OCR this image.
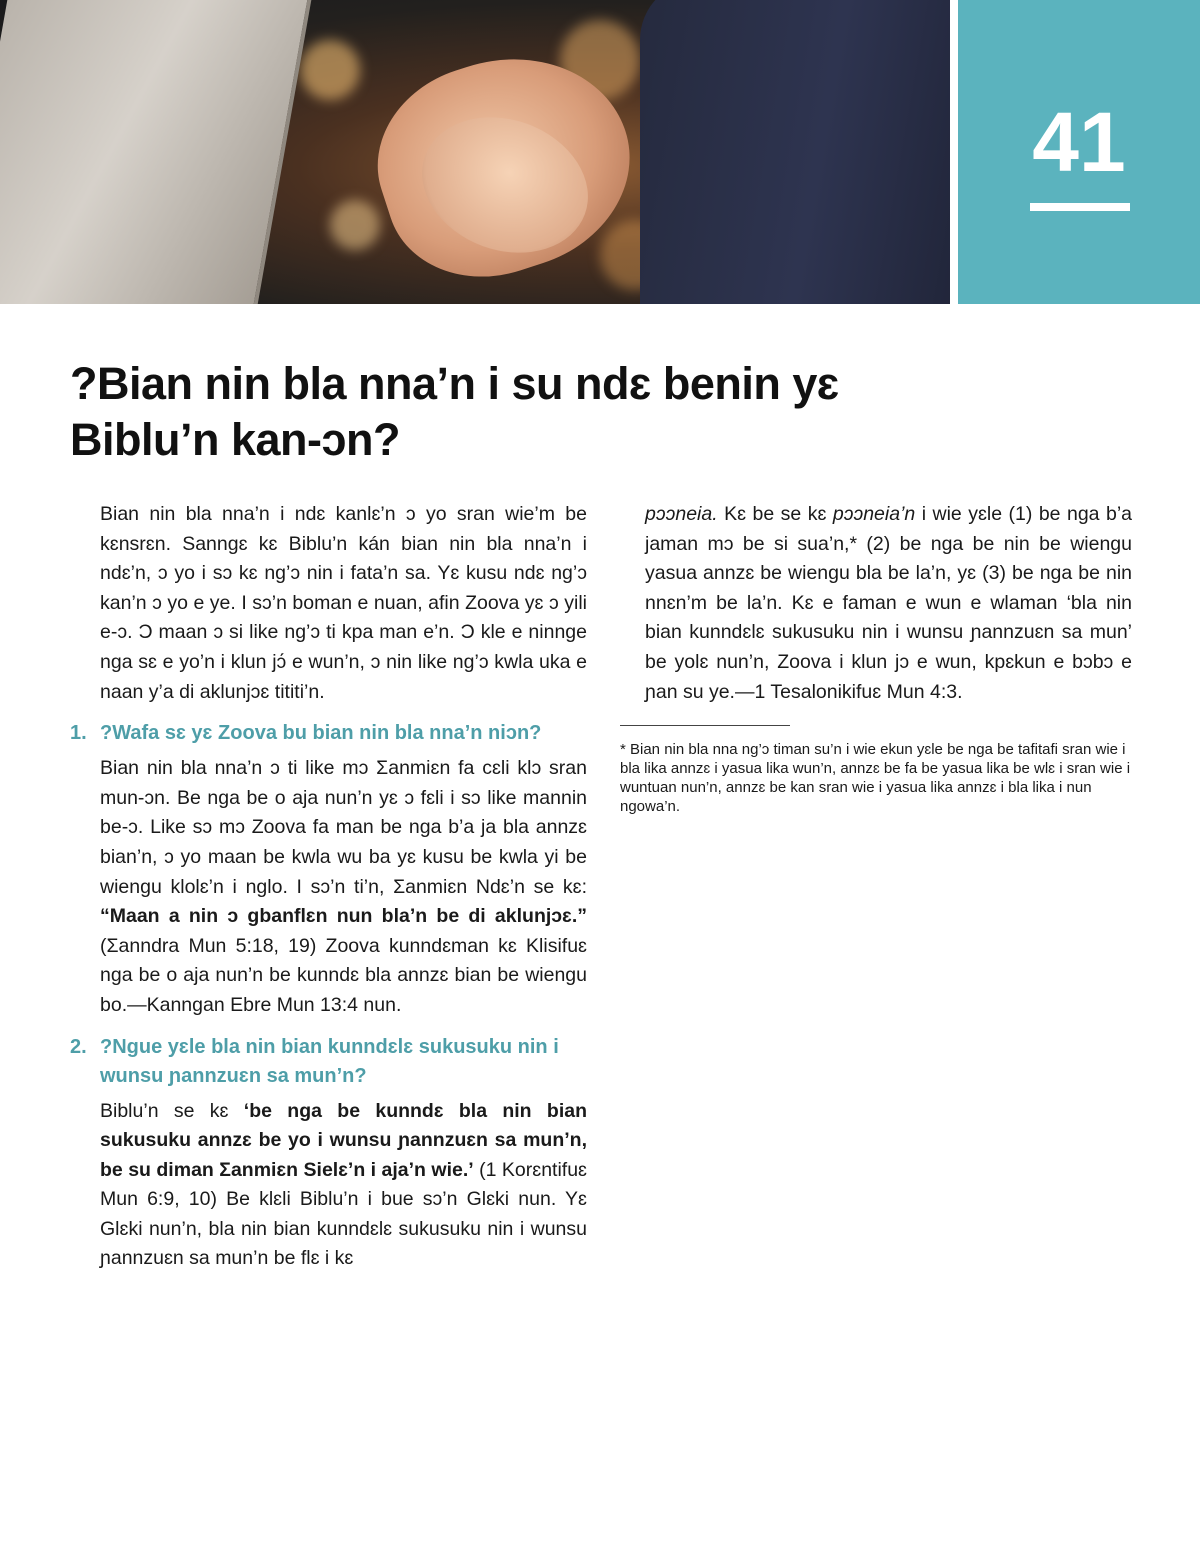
41
?Bian nin bla nna’n i su ndɛ benin yɛ Biblu’n kan-ɔn?

Bian nin bla nna’n i ndɛ kanlɛ’n ɔ yo sran wie’m be kɛnsrɛn. Sanngɛ kɛ Biblu’n kán bian nin bla nna’n i ndɛ’n, ɔ yo i sɔ kɛ ng’ɔ nin i fata’n sa. Yɛ kusu ndɛ ng’ɔ kan’n ɔ yo e ye. I sɔ’n boman e nuan, afin Zoova yɛ ɔ yili e-ɔ. Ɔ maan ɔ si like ng’ɔ ti kpa man e’n. Ɔ kle e ninnge nga sɛ e yo’n i klun jɔ́ e wun’n, ɔ nin like ng’ɔ kwla uka e naan y’a di aklunjɔɛ tititi’n.

1. ?Wafa sɛ yɛ Zoova bu bian nin bla nna’n niɔn?

Bian nin bla nna’n ɔ ti like mɔ Ʃanmiɛn fa cɛli klɔ sran mun-ɔn. Be nga be o aja nun’n yɛ ɔ fɛli i sɔ like mannin be-ɔ. Like sɔ mɔ Zoova fa man be nga b’a ja bla annzɛ bian’n, ɔ yo maan be kwla wu ba yɛ kusu be kwla yi be wiengu klolɛ’n i nglo. I sɔ’n ti’n, Ʃanmiɛn Ndɛ’n se kɛ: “Maan a nin ɔ gbanflɛn nun bla’n be di aklunjɔɛ.” (Ʃanndra Mun 5:18, 19) Zoova kunndɛman kɛ Klisifuɛ nga be o aja nun’n be kunndɛ bla annzɛ bian be wiengu bo.—Kanngan Ebre Mun 13:4 nun.

2. ?Ngue yɛle bla nin bian kunndɛlɛ sukusuku nin i wunsu ɲannzuɛn sa mun’n?

Biblu’n se kɛ ‘be nga be kunndɛ bla nin bian sukusuku annzɛ be yo i wunsu ɲannzuɛn sa mun’n, be su diman Ʃanmiɛn Sielɛ’n i aja’n wie.’ (1 Korɛntifuɛ Mun 6:9, 10) Be klɛli Biblu’n i bue sɔ’n Glɛki nun. Yɛ Glɛki nun’n, bla nin bian kunndɛlɛ sukusuku nin i wunsu ɲannzuɛn sa mun’n be flɛ i kɛ

pɔɔneia. Kɛ be se kɛ pɔɔneia’n i wie yɛle (1) be nga b’a jaman mɔ be si sua’n,* (2) be nga be nin be wiengu yasua annzɛ be wiengu bla be la’n, yɛ (3) be nga be nin nnɛn’m be la’n. Kɛ e faman e wun e wlaman ‘bla nin bian kunndɛlɛ sukusuku nin i wunsu ɲannzuɛn sa mun’ be yolɛ nun’n, Zoova i klun jɔ e wun, kpɛkun e bɔbɔ e ɲan su ye.—1 Tesalonikifuɛ Mun 4:3.

* Bian nin bla nna ng’ɔ timan su’n i wie ekun yɛle be nga be tafitafi sran wie i bla lika annzɛ i yasua lika wun’n, annzɛ be fa be yasua lika be wlɛ i sran wie i wuntuan nun’n, annzɛ be kan sran wie i yasua lika annzɛ i bla lika i nun ngowa’n.
